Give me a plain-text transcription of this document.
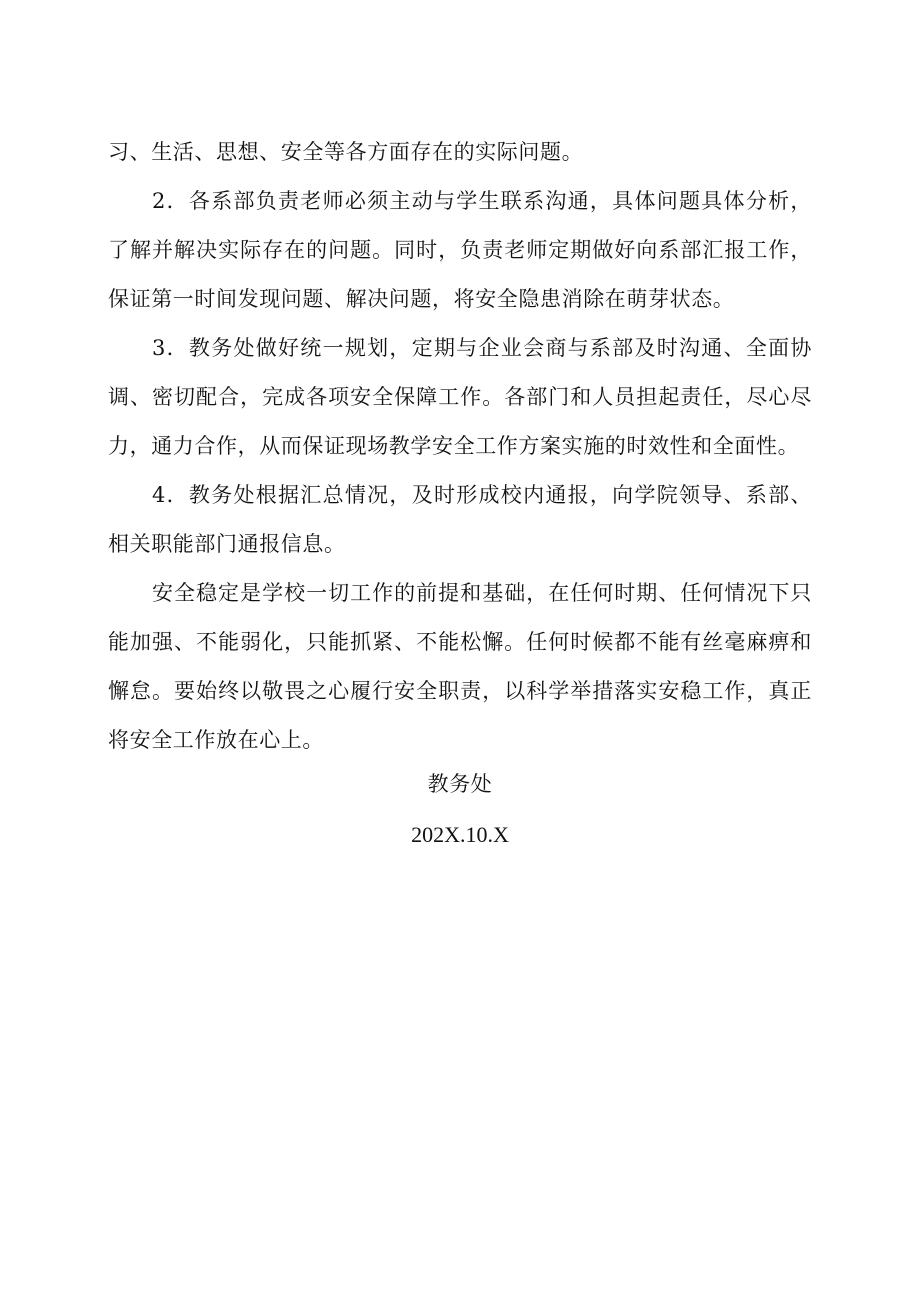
习、生活、思想、安全等各方面存在的实际问题。

2．各系部负责老师必须主动与学生联系沟通，具体问题具体分析，了解并解决实际存在的问题。同时，负责老师定期做好向系部汇报工作，保证第一时间发现问题、解决问题，将安全隐患消除在萌芽状态。

3．教务处做好统一规划，定期与企业会商与系部及时沟通、全面协调、密切配合，完成各项安全保障工作。各部门和人员担起责任，尽心尽力，通力合作，从而保证现场教学安全工作方案实施的时效性和全面性。

4．教务处根据汇总情况，及时形成校内通报，向学院领导、系部、相关职能部门通报信息。

安全稳定是学校一切工作的前提和基础，在任何时期、任何情况下只能加强、不能弱化，只能抓紧、不能松懈。任何时候都不能有丝毫麻痹和懈怠。要始终以敬畏之心履行安全职责，以科学举措落实安稳工作，真正将安全工作放在心上。

教务处

202X.10.X
